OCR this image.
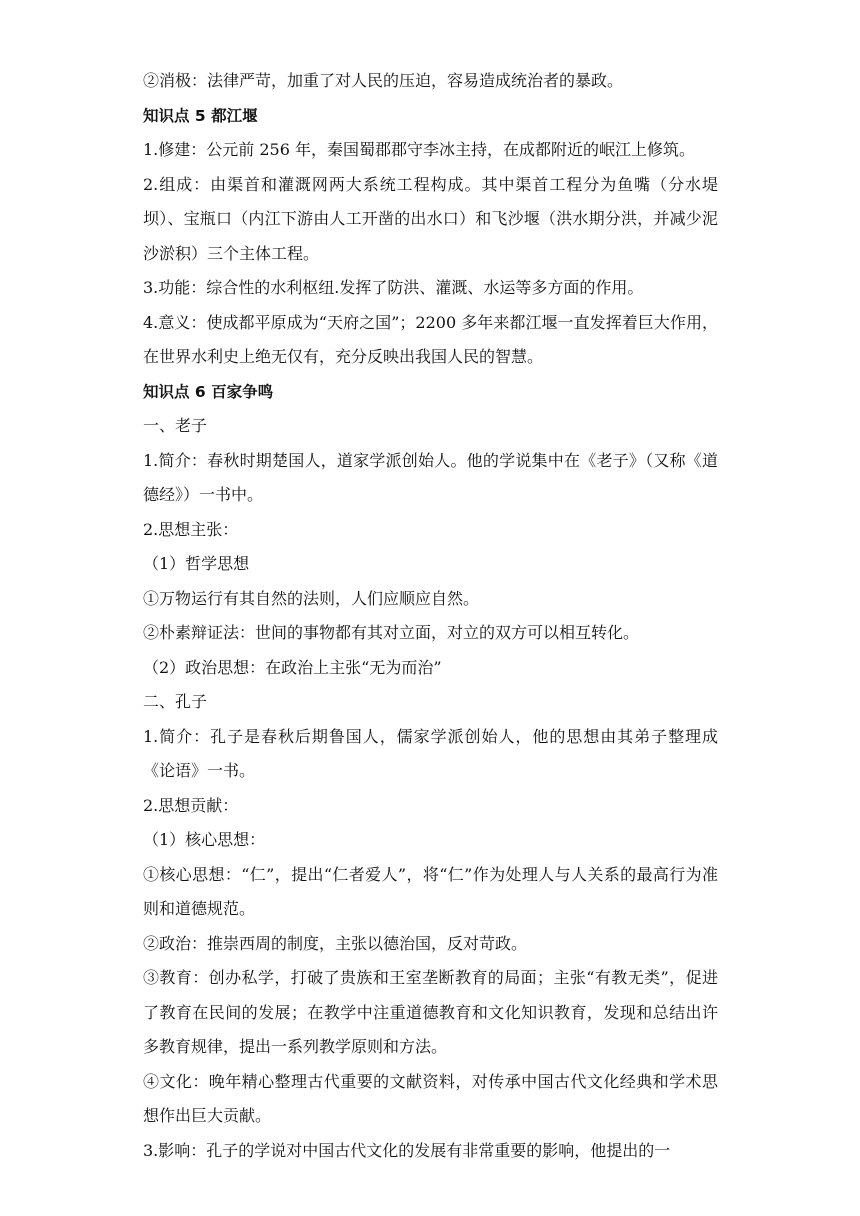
②消极：法律严苛，加重了对人民的压迫，容易造成统治者的暴政。
知识点 5 都江堰
1.修建：公元前 256 年，秦国蜀郡郡守李冰主持，在成都附近的岷江上修筑。
2.组成：由渠首和灌溉网两大系统工程构成。其中渠首工程分为鱼嘴（分水堤坝）、宝瓶口（内江下游由人工开凿的出水口）和飞沙堰（洪水期分洪，并减少泥沙淤积）三个主体工程。
3.功能：综合性的水利枢纽.发挥了防洪、灌溉、水运等多方面的作用。
4.意义：使成都平原成为“天府之国”；2200 多年来都江堰一直发挥着巨大作用，在世界水利史上绝无仅有，充分反映出我国人民的智慧。
知识点 6 百家争鸣
一、老子
1.简介：春秋时期楚国人，道家学派创始人。他的学说集中在《老子》（又称《道德经》）一书中。
2.思想主张：
（1）哲学思想
①万物运行有其自然的法则，人们应顺应自然。
②朴素辩证法：世间的事物都有其对立面，对立的双方可以相互转化。
（2）政治思想：在政治上主张“无为而治”
二、孔子
1.简介：孔子是春秋后期鲁国人，儒家学派创始人，他的思想由其弟子整理成《论语》一书。
2.思想贡献：
（1）核心思想：
①核心思想：“仁”，提出“仁者爱人”，将“仁”作为处理人与人关系的最高行为准则和道德规范。
②政治：推崇西周的制度，主张以德治国，反对苛政。
③教育：创办私学，打破了贵族和王室垄断教育的局面；主张“有教无类”，促进了教育在民间的发展；在教学中注重道德教育和文化知识教育，发现和总结出许多教育规律，提出一系列教学原则和方法。
④文化：晚年精心整理古代重要的文献资料，对传承中国古代文化经典和学术思想作出巨大贡献。
3.影响：孔子的学说对中国古代文化的发展有非常重要的影响，他提出的一
